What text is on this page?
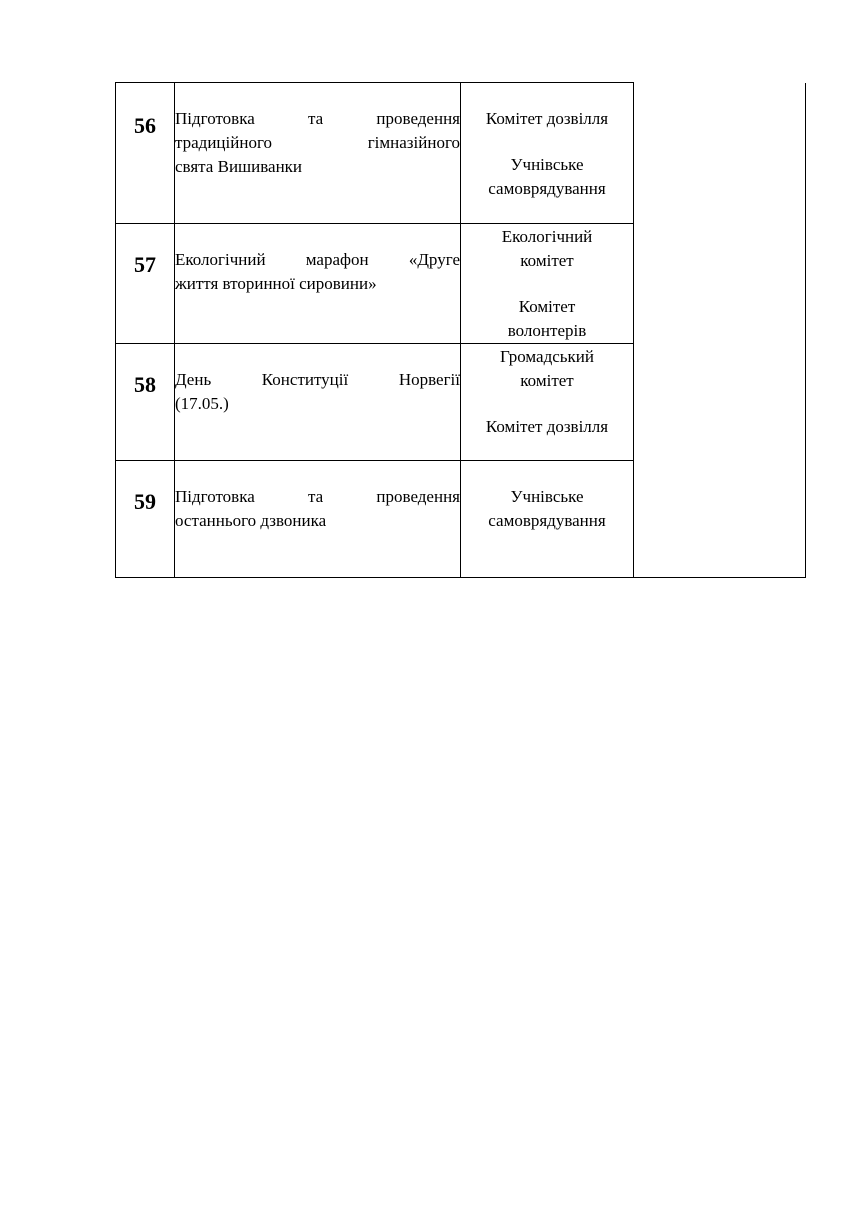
56	Підготовка та проведення
традиційного гімназійного
свята Вишиванки	Комітет дозвілля
Учнівське
самоврядування	

57	Екологічний марафон «Друге
життя вторинної сировини»	Екологічний
комітет
Комітет
волонтерів	

58	День Конституції Норвегії
(17.05.)	Громадський
комітет
Комітет дозвілля	

59	Підготовка та проведення
останнього дзвоника	Учнівське
самоврядування	
